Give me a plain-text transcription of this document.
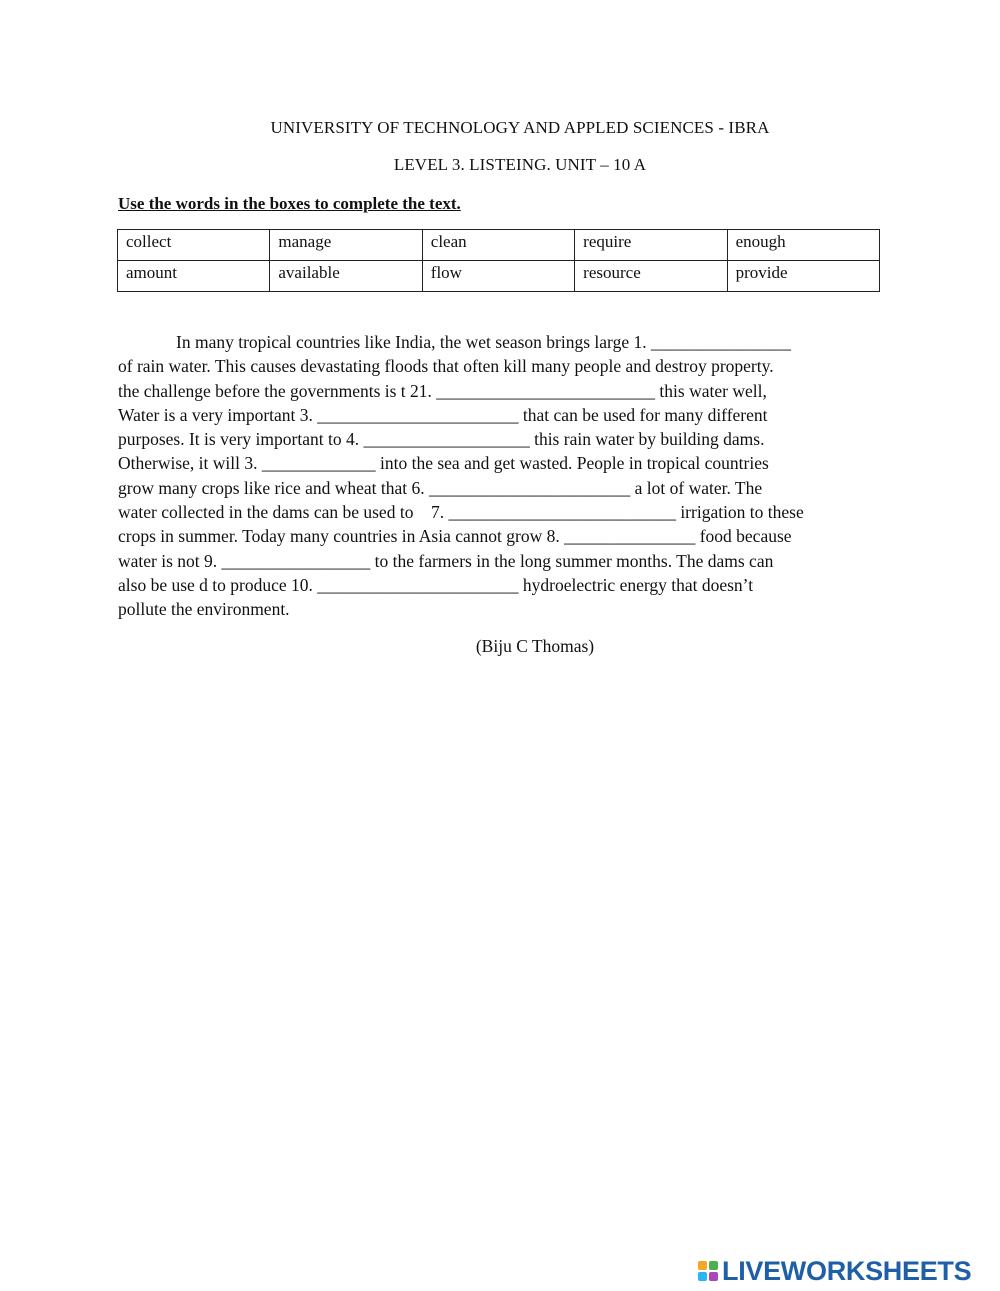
UNIVERSITY OF TECHNOLOGY AND APPLED SCIENCES - IBRA
LEVEL 3. LISTEING. UNIT – 10 A
Use the words in the boxes to complete the text.
collect	manage	clean	require	enough
amount	available	flow	resource	provide
In many tropical countries like India, the wet season brings large 1. ________________
of rain water. This causes devastating floods that often kill many people and destroy property.
the challenge before the governments is t 21. _________________________ this water well,
Water is a very important 3. _______________________ that can be used for many different
purposes. It is very important to 4. ___________________ this rain water by building dams.
Otherwise, it will 3. _____________ into the sea and get wasted. People in tropical countries
grow many crops like rice and wheat that 6. _______________________ a lot of water. The
water collected in the dams can be used to    7. __________________________ irrigation to these
crops in summer. Today many countries in Asia cannot grow 8. _______________ food because
water is not 9. _________________ to the farmers in the long summer months. The dams can
also be use d to produce 10. _______________________ hydroelectric energy that doesn’t
pollute the environment.
(Biju C Thomas)
LIVEWORKSHEETS
